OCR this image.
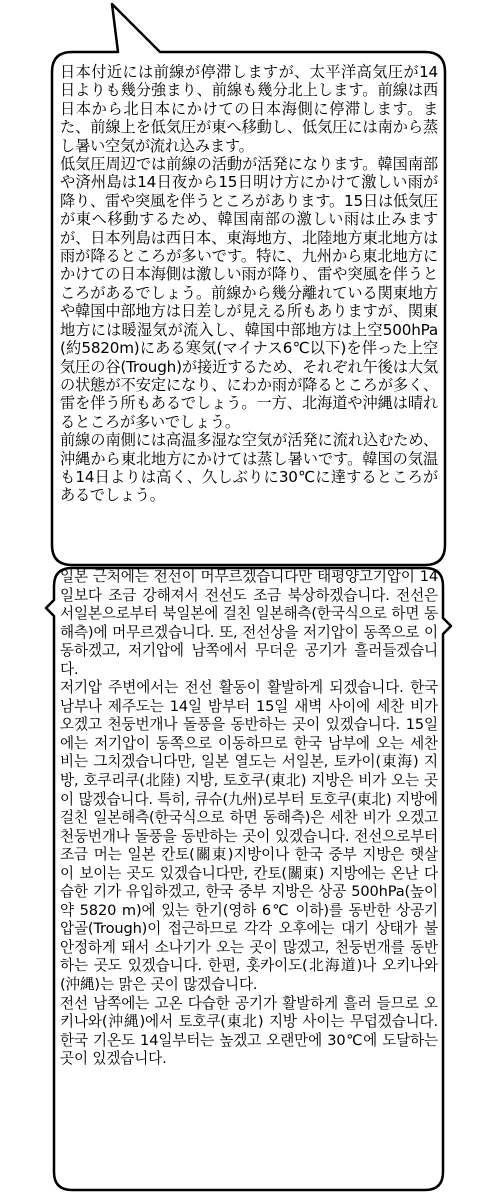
日本付近には前線が停滞しますが、太平洋高気圧が14日よりも幾分強まり、前線も幾分北上します。前線は西日本から北日本にかけての日本海側に停滞します。また、前線上を低気圧が東へ移動し、低気圧には南から蒸し暑い空気が流れ込みます。

低気圧周辺では前線の活動が活発になります。韓国南部や済州島は14日夜から15日明け方にかけて激しい雨が降り、雷や突風を伴うところがあります。15日は低気圧が東へ移動するため、韓国南部の激しい雨は止みますが、日本列島は西日本、東海地方、北陸地方東北地方は雨が降るところが多いです。特に、九州から東北地方にかけての日本海側は激しい雨が降り、雷や突風を伴うところがあるでしょう。前線から幾分離れている関東地方や韓国中部地方は日差しが見える所もありますが、関東地方には暖湿気が流入し、韓国中部地方は上空500hPa(約5820m)にある寒気(マイナス6℃以下)を伴った上空気圧の谷(Trough)が接近するため、それぞれ午後は大気の状態が不安定になり、にわか雨が降るところが多く、雷を伴う所もあるでしょう。一方、北海道や沖縄は晴れるところが多いでしょう。

前線の南側には高温多湿な空気が活発に流れ込むため、沖縄から東北地方にかけては蒸し暑いです。韓国の気温も14日よりは高く、久しぶりに30℃に達するところがあるでしょう。

일본 근처에는 전선이 머무르겠습니다만 태평양고기압이 14일보다 조금 강해져서 전선도 조금 북상하겠습니다. 전선은 서일본으로부터 북일본에 걸친 일본해측(한국식으로 하면 동해측)에 머무르겠습니다. 또, 전선상을 저기압이 동쪽으로 이동하겠고, 저기압에 남쪽에서 무더운 공기가 흘러들겠습니다.

저기압 주변에서는 전선 활동이 활발하게 되겠습니다. 한국 남부나 제주도는 14일 밤부터 15일 새벽 사이에 세찬 비가 오겠고 천둥번개나 돌풍을 동반하는 곳이 있겠습니다. 15일에는 저기압이 동쪽으로 이동하므로 한국 남부에 오는 세찬 비는 그치겠습니다만, 일본 열도는 서일본, 토카이(東海) 지방, 호쿠리쿠(北陸) 지방, 토호쿠(東北) 지방은 비가 오는 곳이 많겠습니다. 특히, 큐슈(九州)로부터 토호쿠(東北) 지방에 걸친 일본해측(한국식으로 하면 동해측)은 세찬 비가 오겠고 천둥번개나 돌풍을 동반하는 곳이 있겠습니다. 전선으로부터 조금 머는 일본 칸토(關東)지방이나 한국 중부 지방은 햇살이 보이는 곳도 있겠습니다만, 칸토(關東) 지방에는 온난 다습한 기가 유입하겠고, 한국 중부 지방은 상공 500hPa(높이 약 5820 m)에 있는 한기(영하 6℃ 이하)를 동반한 상공기압골(Trough)이 접근하므로 각각 오후에는 대기 상태가 불안정하게 돼서 소나기가 오는 곳이 많겠고, 천둥번개를 동반하는 곳도 있겠습니다. 한편, 홋카이도(北海道)나 오키나와(沖縄)는 맑은 곳이 많겠습니다.

전선 남쪽에는 고온 다습한 공기가 활발하게 흘러 들므로 오키나와(沖縄)에서 토호쿠(東北) 지방 사이는 무덥겠습니다. 한국 기온도 14일부터는 높겠고 오랜만에 30℃에 도달하는 곳이 있겠습니다.
